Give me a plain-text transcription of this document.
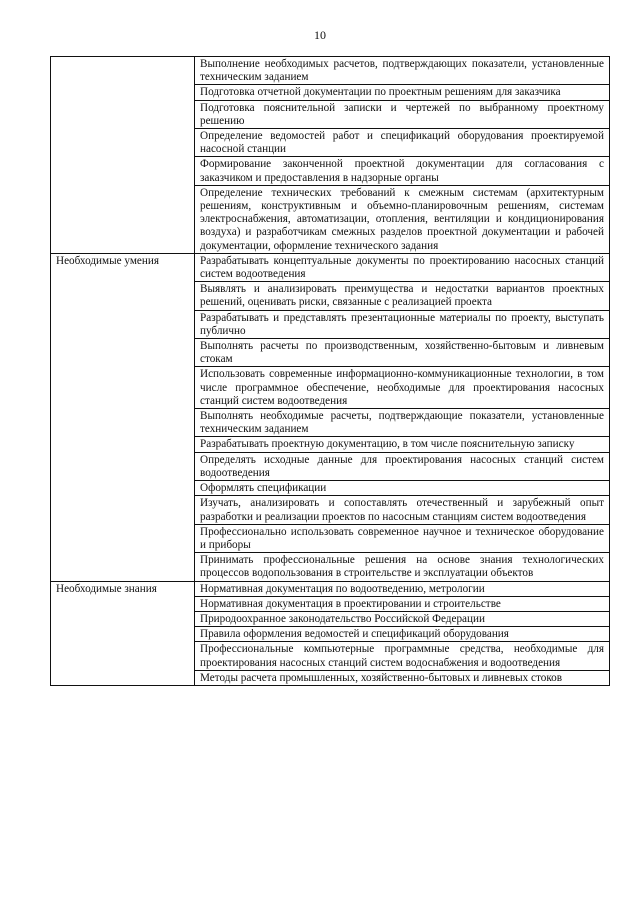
10
	Выполнение необходимых расчетов, подтверждающих показатели, установленные техническим заданием
	Подготовка отчетной документации по проектным решениям для заказчика
	Подготовка пояснительной записки и чертежей по выбранному проектному решению
	Определение ведомостей работ и спецификаций оборудования проектируемой насосной станции
	Формирование законченной проектной документации для согласования с заказчиком и предоставления в надзорные органы
	Определение технических требований к смежным системам (архитектурным решениям, конструктивным и объемно-планировочным решениям, системам электроснабжения, автоматизации, отопления, вентиляции и кондиционирования воздуха) и разработчикам смежных разделов проектной документации и рабочей документации, оформление технического задания
Необходимые умения	Разрабатывать концептуальные документы по проектированию насосных станций систем водоотведения
	Выявлять и анализировать преимущества и недостатки вариантов проектных решений, оценивать риски, связанные с реализацией проекта
	Разрабатывать и представлять презентационные материалы по проекту, выступать публично
	Выполнять расчеты по производственным, хозяйственно-бытовым и ливневым стокам
	Использовать современные информационно-коммуникационные технологии, в том числе программное обеспечение, необходимые для проектирования насосных станций систем водоотведения
	Выполнять необходимые расчеты, подтверждающие показатели, установленные техническим заданием
	Разрабатывать проектную документацию, в том числе пояснительную записку
	Определять исходные данные для проектирования насосных станций систем водоотведения
	Оформлять спецификации
	Изучать, анализировать и сопоставлять отечественный и зарубежный опыт разработки и реализации проектов по насосным станциям систем водоотведения
	Профессионально использовать современное научное и техническое оборудование и приборы
	Принимать профессиональные решения на основе знания технологических процессов водопользования в строительстве и эксплуатации объектов
Необходимые знания	Нормативная документация по водоотведению, метрологии
	Нормативная документация в проектировании и строительстве
	Природоохранное законодательство Российской Федерации
	Правила оформления ведомостей и спецификаций оборудования
	Профессиональные компьютерные программные средства, необходимые для проектирования насосных станций систем водоснабжения и водоотведения
	Методы расчета промышленных, хозяйственно-бытовых и ливневых стоков
